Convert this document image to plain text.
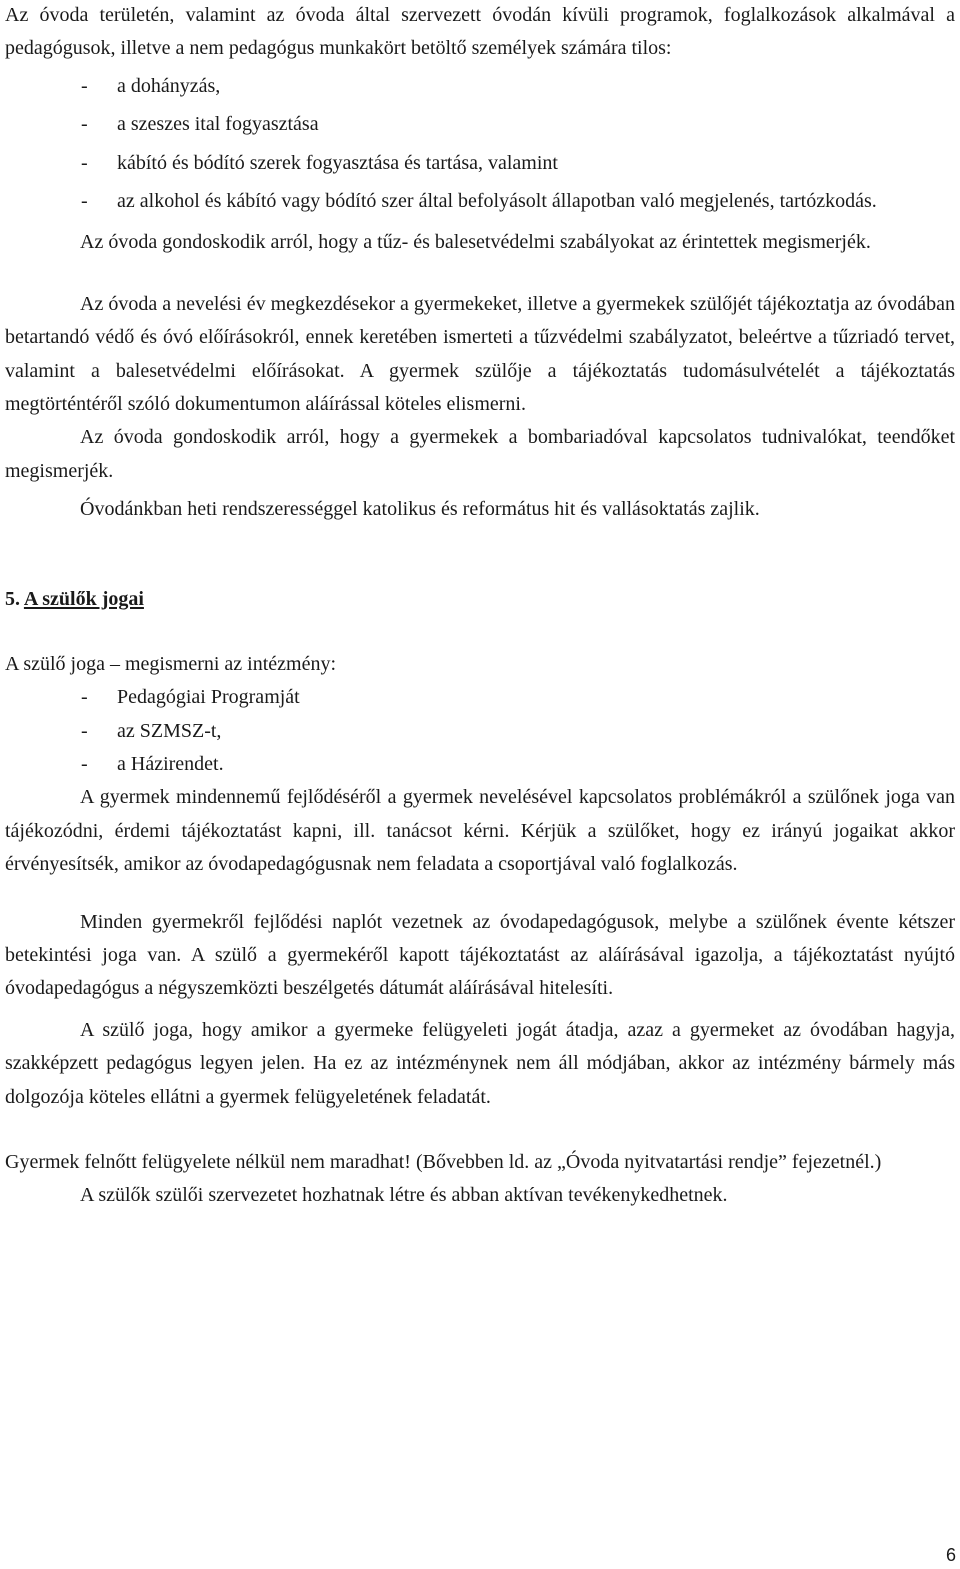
Az óvoda területén, valamint az óvoda által szervezett óvodán kívüli programok, foglalkozások alkalmával a pedagógusok, illetve a nem pedagógus munkakört betöltő személyek számára tilos:

- a dohányzás,
- a szeszes ital fogyasztása
- kábító és bódító szerek fogyasztása és tartása, valamint
- az alkohol és kábító vagy bódító szer által befolyásolt állapotban való megjelenés, tartózkodás.

Az óvoda gondoskodik arról, hogy a tűz- és balesetvédelmi szabályokat az érintettek megismerjék.

Az óvoda a nevelési év megkezdésekor a gyermekeket, illetve a gyermekek szülőjét tájékoztatja az óvodában betartandó védő és óvó előírásokról, ennek keretében ismerteti a tűzvédelmi szabályzatot, beleértve a tűzriadó tervet, valamint a balesetvédelmi előírásokat. A gyermek szülője a tájékoztatás tudomásulvételét a tájékoztatás megtörténtéről szóló dokumentumon aláírással köteles elismerni.

Az óvoda gondoskodik arról, hogy a gyermekek a bombariadóval kapcsolatos tudnivalókat, teendőket megismerjék.

Óvodánkban heti rendszerességgel katolikus és református hit és vallásoktatás zajlik.

5. A szülők jogai

A szülő joga – megismerni az intézmény:

- Pedagógiai Programját
- az SZMSZ-t,
- a Házirendet.

A gyermek mindennemű fejlődéséről a gyermek nevelésével kapcsolatos problémákról a szülőnek joga van tájékozódni, érdemi tájékoztatást kapni, ill. tanácsot kérni. Kérjük a szülőket, hogy ez irányú jogaikat akkor érvényesítsék, amikor az óvodapedagógusnak nem feladata a csoportjával való foglalkozás.

Minden gyermekről fejlődési naplót vezetnek az óvodapedagógusok, melybe a szülőnek évente kétszer betekintési joga van. A szülő a gyermekéről kapott tájékoztatást az aláírásával igazolja, a tájékoztatást nyújtó óvodapedagógus a négyszemközti beszélgetés dátumát aláírásával hitelesíti.

A szülő joga, hogy amikor a gyermeke felügyeleti jogát átadja, azaz a gyermeket az óvodában hagyja, szakképzett pedagógus legyen jelen. Ha ez az intézménynek nem áll módjában, akkor az intézmény bármely más dolgozója köteles ellátni a gyermek felügyeletének feladatát.

Gyermek felnőtt felügyelete nélkül nem maradhat! (Bővebben ld. az „Óvoda nyitvatartási rendje” fejezetnél.)

A szülők szülői szervezetet hozhatnak létre és abban aktívan tevékenykedhetnek.

6
